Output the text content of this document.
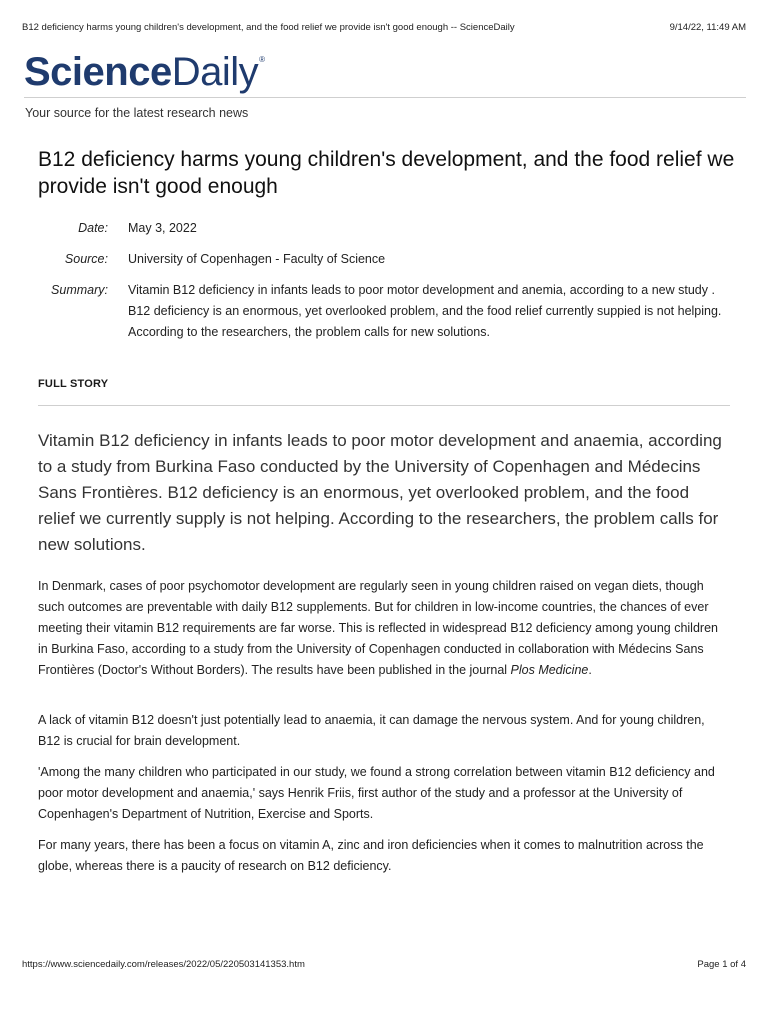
B12 deficiency harms young children's development, and the food relief we provide isn't good enough -- ScienceDaily	9/14/22, 11:49 AM
ScienceDaily®
Your source for the latest research news
B12 deficiency harms young children's development, and the food relief we provide isn't good enough
Date: May 3, 2022
Source: University of Copenhagen - Faculty of Science
Summary: Vitamin B12 deficiency in infants leads to poor motor development and anemia, according to a new study . B12 deficiency is an enormous, yet overlooked problem, and the food relief currently suppied is not helping. According to the researchers, the problem calls for new solutions.
FULL STORY

Vitamin B12 deficiency in infants leads to poor motor development and anaemia, according to a study from Burkina Faso conducted by the University of Copenhagen and Médecins Sans Frontières. B12 deficiency is an enormous, yet overlooked problem, and the food relief we currently supply is not helping. According to the researchers, the problem calls for new solutions.

In Denmark, cases of poor psychomotor development are regularly seen in young children raised on vegan diets, though such outcomes are preventable with daily B12 supplements. But for children in low-income countries, the chances of ever meeting their vitamin B12 requirements are far worse. This is reflected in widespread B12 deficiency among young children in Burkina Faso, according to a study from the University of Copenhagen conducted in collaboration with Médecins Sans Frontières (Doctor's Without Borders). The results have been published in the journal Plos Medicine.

A lack of vitamin B12 doesn't just potentially lead to anaemia, it can damage the nervous system. And for young children, B12 is crucial for brain development.

'Among the many children who participated in our study, we found a strong correlation between vitamin B12 deficiency and poor motor development and anaemia,' says Henrik Friis, first author of the study and a professor at the University of Copenhagen's Department of Nutrition, Exercise and Sports.

For many years, there has been a focus on vitamin A, zinc and iron deficiencies when it comes to malnutrition across the globe, whereas there is a paucity of research on B12 deficiency.

https://www.sciencedaily.com/releases/2022/05/220503141353.htm	Page 1 of 4
